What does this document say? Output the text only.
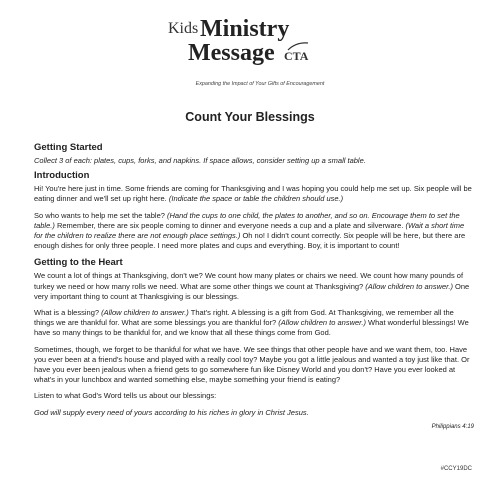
Kids Ministry
Message CTA
Expanding the Impact of Your Gifts of Encouragement
Count Your Blessings
Getting Started

Collect 3 of each: plates, cups, forks, and napkins. If space allows, consider setting up a small table.

Introduction

Hi! You're here just in time. Some friends are coming for Thanksgiving and I was hoping you could help me set up. Six people will be eating dinner and we'll set up right here. (Indicate the space or table the children should use.)

So who wants to help me set the table? (Hand the cups to one child, the plates to another, and so on. Encourage them to set the table.) Remember, there are six people coming to dinner and everyone needs a cup and a plate and silverware. (Wait a short time for the children to realize there are not enough place settings.) Oh no! I didn't count correctly. Six people will be here, but there are enough dishes for only three people. I need more plates and cups and everything. Boy, it is important to count!

Getting to the Heart

We count a lot of things at Thanksgiving, don't we? We count how many plates or chairs we need. We count how many pounds of turkey we need or how many rolls we need. What are some other things we count at Thanksgiving? (Allow children to answer.) One very important thing to count at Thanksgiving is our blessings.

What is a blessing? (Allow children to answer.) That's right. A blessing is a gift from God. At Thanksgiving, we remember all the things we are thankful for. What are some blessings you are thankful for? (Allow children to answer.) What wonderful blessings! We have so many things to be thankful for, and we know that all these things come from God.

Sometimes, though, we forget to be thankful for what we have. We see things that other people have and we want them, too. Have you ever been at a friend's house and played with a really cool toy? Maybe you got a little jealous and wanted a toy just like that. Or have you ever been jealous when a friend gets to go somewhere fun like Disney World and you don't? Have you ever looked at what's in your lunchbox and wanted something else, maybe something your friend is eating?

Listen to what God's Word tells us about our blessings:

God will supply every need of yours according to his riches in glory in Christ Jesus.

Philippians 4:19
#CCY19DC
